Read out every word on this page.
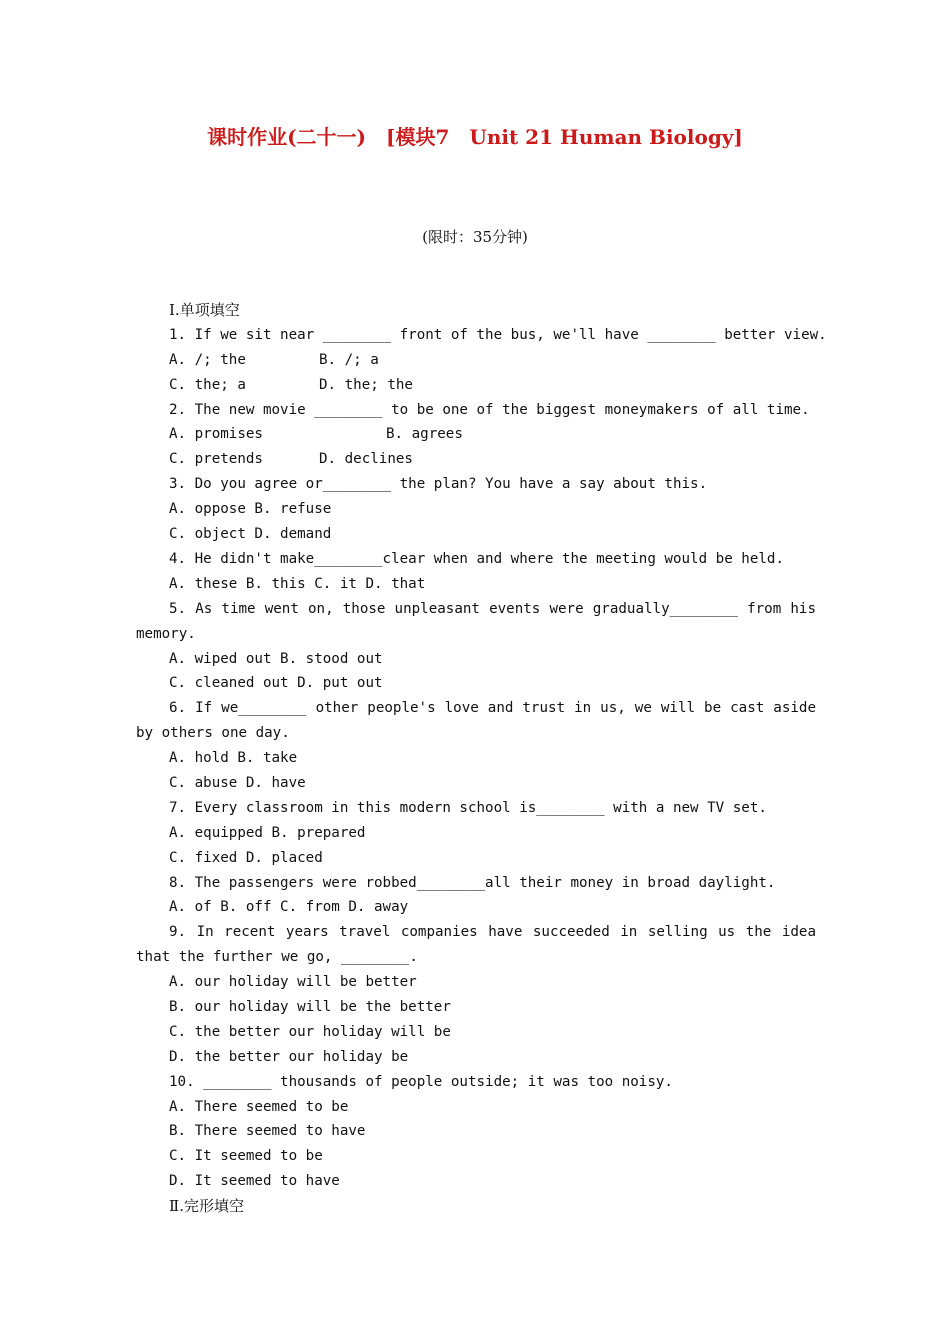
课时作业(二十一)　[模块7　Unit 21 Human Biology]
(限时：35分钟)
Ⅰ.单项填空
1. If we sit near ________ front of the bus, we'll have ________ better view.
A. /; the	B. /; a
C. the; a	D. the; the
2. The new movie ________ to be one of the biggest moneymakers of all time.
A. promises	B. agrees
C. pretends	D. declines
3. Do you agree or________ the plan? You have a say about this.
A. oppose B. refuse
C. object D. demand
4. He didn't make________clear when and where the meeting would be held.
A. these B. this C. it D. that
5. As time went on, those unpleasant events were gradually________ from his memory.
A. wiped out B. stood out
C. cleaned out D. put out
6. If we________ other people's love and trust in us, we will be cast aside by others one day.
A. hold B. take
C. abuse D. have
7. Every classroom in this modern school is________ with a new TV set.
A. equipped B. prepared
C. fixed D. placed
8. The passengers were robbed________all their money in broad daylight.
A. of B. off C. from D. away
9. In recent years travel companies have succeeded in selling us the idea that the further we go, ________.
A. our holiday will be better
B. our holiday will be the better
C. the better our holiday will be
D. the better our holiday be
10. ________ thousands of people outside; it was too noisy.
A. There seemed to be
B. There seemed to have
C. It seemed to be
D. It seemed to have
Ⅱ.完形填空
